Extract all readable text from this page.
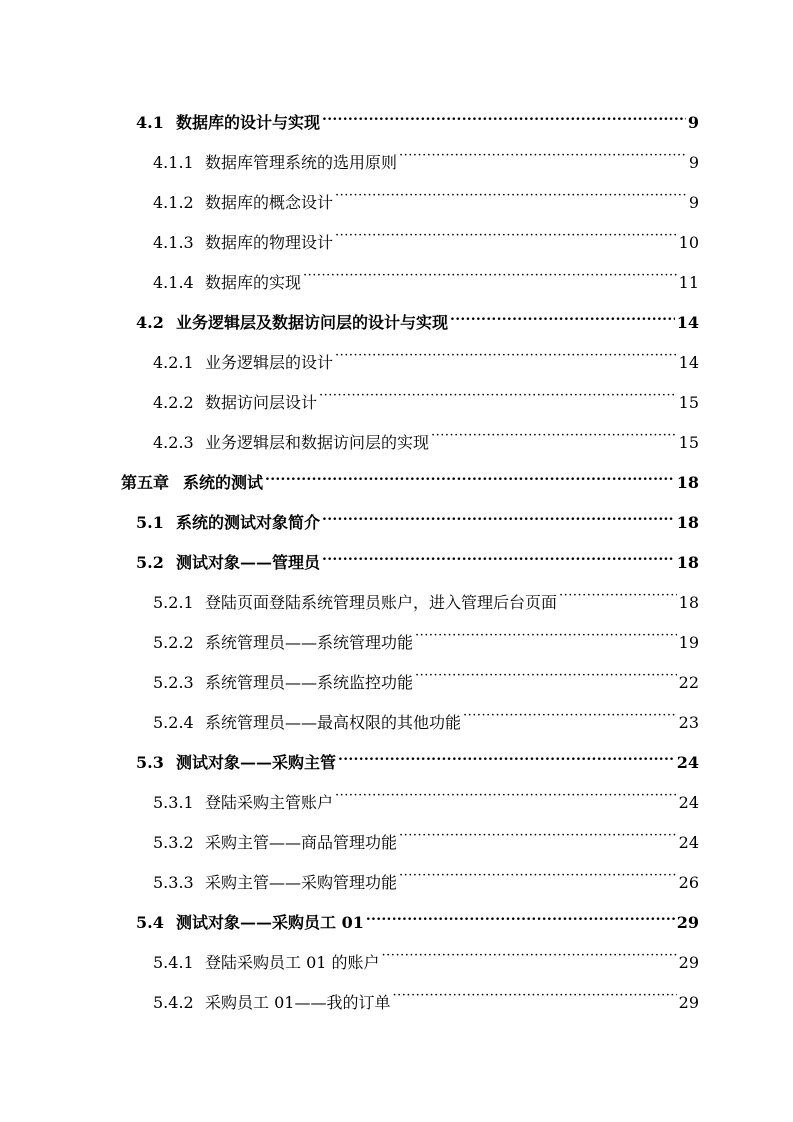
4.1 数据库的设计与实现 .....	9
4.1.1 数据库管理系统的选用原则 ·····	9
4.1.2 数据库的概念设计 ·····	9
4.1.3 数据库的物理设计 ·····	10
4.1.4 数据库的实现 ·····	11
4.2 业务逻辑层及数据访问层的设计与实现 .....	14
4.2.1 业务逻辑层的设计 ·····	14
4.2.2 数据访问层设计 ·····	15
4.2.3 业务逻辑层和数据访问层的实现 ·····	15
第五章 系统的测试 .....	18
5.1 系统的测试对象简介 .....	18
5.2 测试对象——管理员 .....	18
5.2.1 登陆页面登陆系统管理员账户，进入管理后台页面 ·····	18
5.2.2 系统管理员——系统管理功能 ·····	19
5.2.3 系统管理员——系统监控功能 ·····	22
5.2.4 系统管理员——最高权限的其他功能 ·····	23
5.3 测试对象——采购主管 .....	24
5.3.1 登陆采购主管账户 ·····	24
5.3.2 采购主管——商品管理功能 ·····	24
5.3.3 采购主管——采购管理功能 ·····	26
5.4 测试对象——采购员工 01 .....	29
5.4.1 登陆采购员工 01 的账户 ·····	29
5.4.2 采购员工 01——我的订单 ·····	29
